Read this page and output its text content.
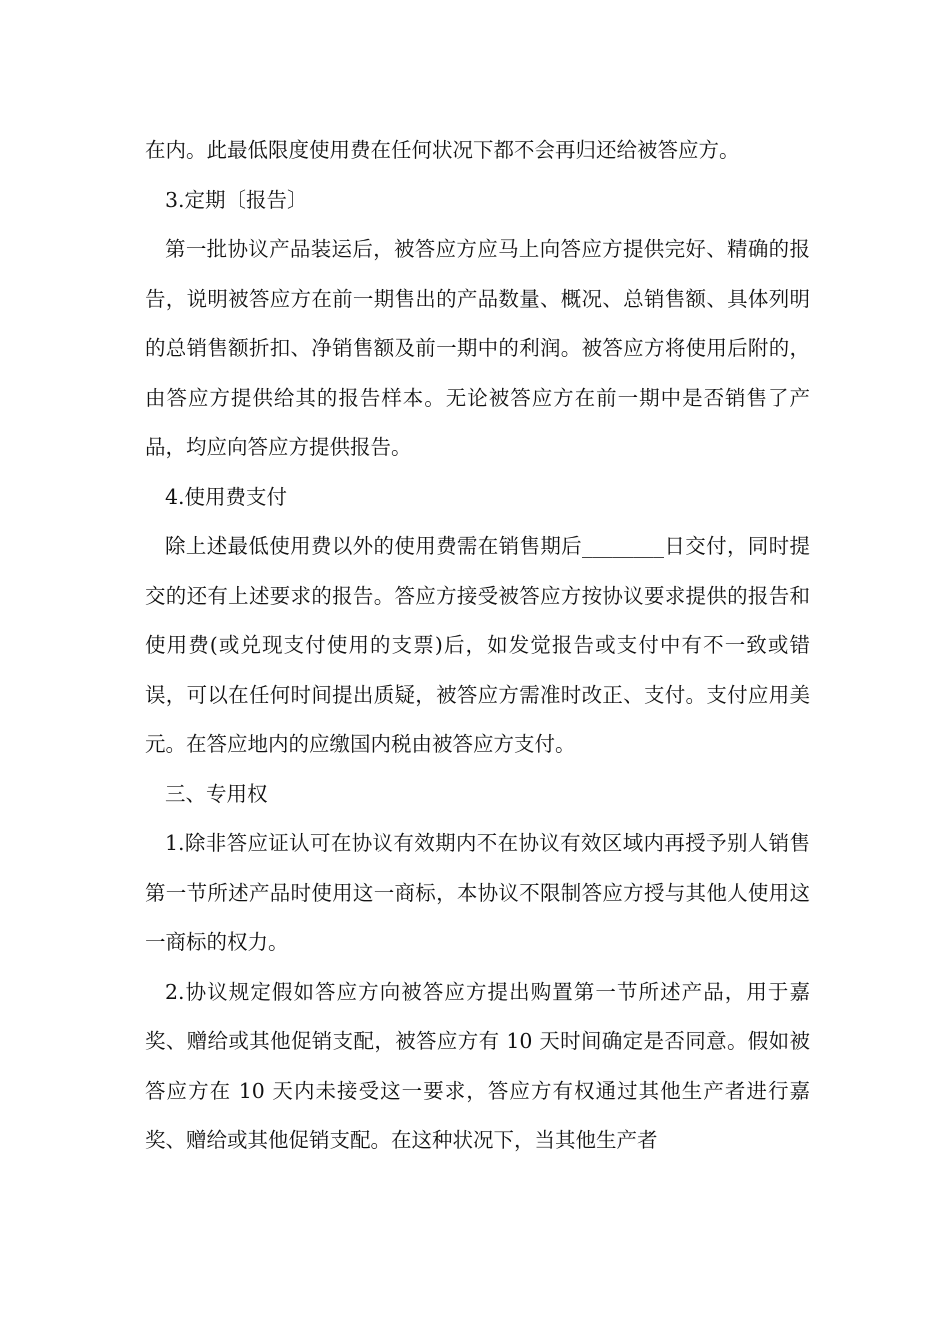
在内。此最低限度使用费在任何状况下都不会再归还给被答应方。

3.定期〔报告〕

第一批协议产品装运后，被答应方应马上向答应方提供完好、精确的报告，说明被答应方在前一期售出的产品数量、概况、总销售额、具体列明的总销售额折扣、净销售额及前一期中的利润。被答应方将使用后附的，由答应方提供给其的报告样本。无论被答应方在前一期中是否销售了产品，均应向答应方提供报告。

4.使用费支付

除上述最低使用费以外的使用费需在销售期后________日交付，同时提交的还有上述要求的报告。答应方接受被答应方按协议要求提供的报告和使用费(或兑现支付使用的支票)后，如发觉报告或支付中有不一致或错误，可以在任何时间提出质疑，被答应方需准时改正、支付。支付应用美元。在答应地内的应缴国内税由被答应方支付。

三、专用权

1.除非答应证认可在协议有效期内不在协议有效区域内再授予别人销售第一节所述产品时使用这一商标，本协议不限制答应方授与其他人使用这一商标的权力。

2.协议规定假如答应方向被答应方提出购置第一节所述产品，用于嘉奖、赠给或其他促销支配，被答应方有 10 天时间确定是否同意。假如被答应方在 10 天内未接受这一要求，答应方有权通过其他生产者进行嘉奖、赠给或其他促销支配。在这种状况下，当其他生产者
